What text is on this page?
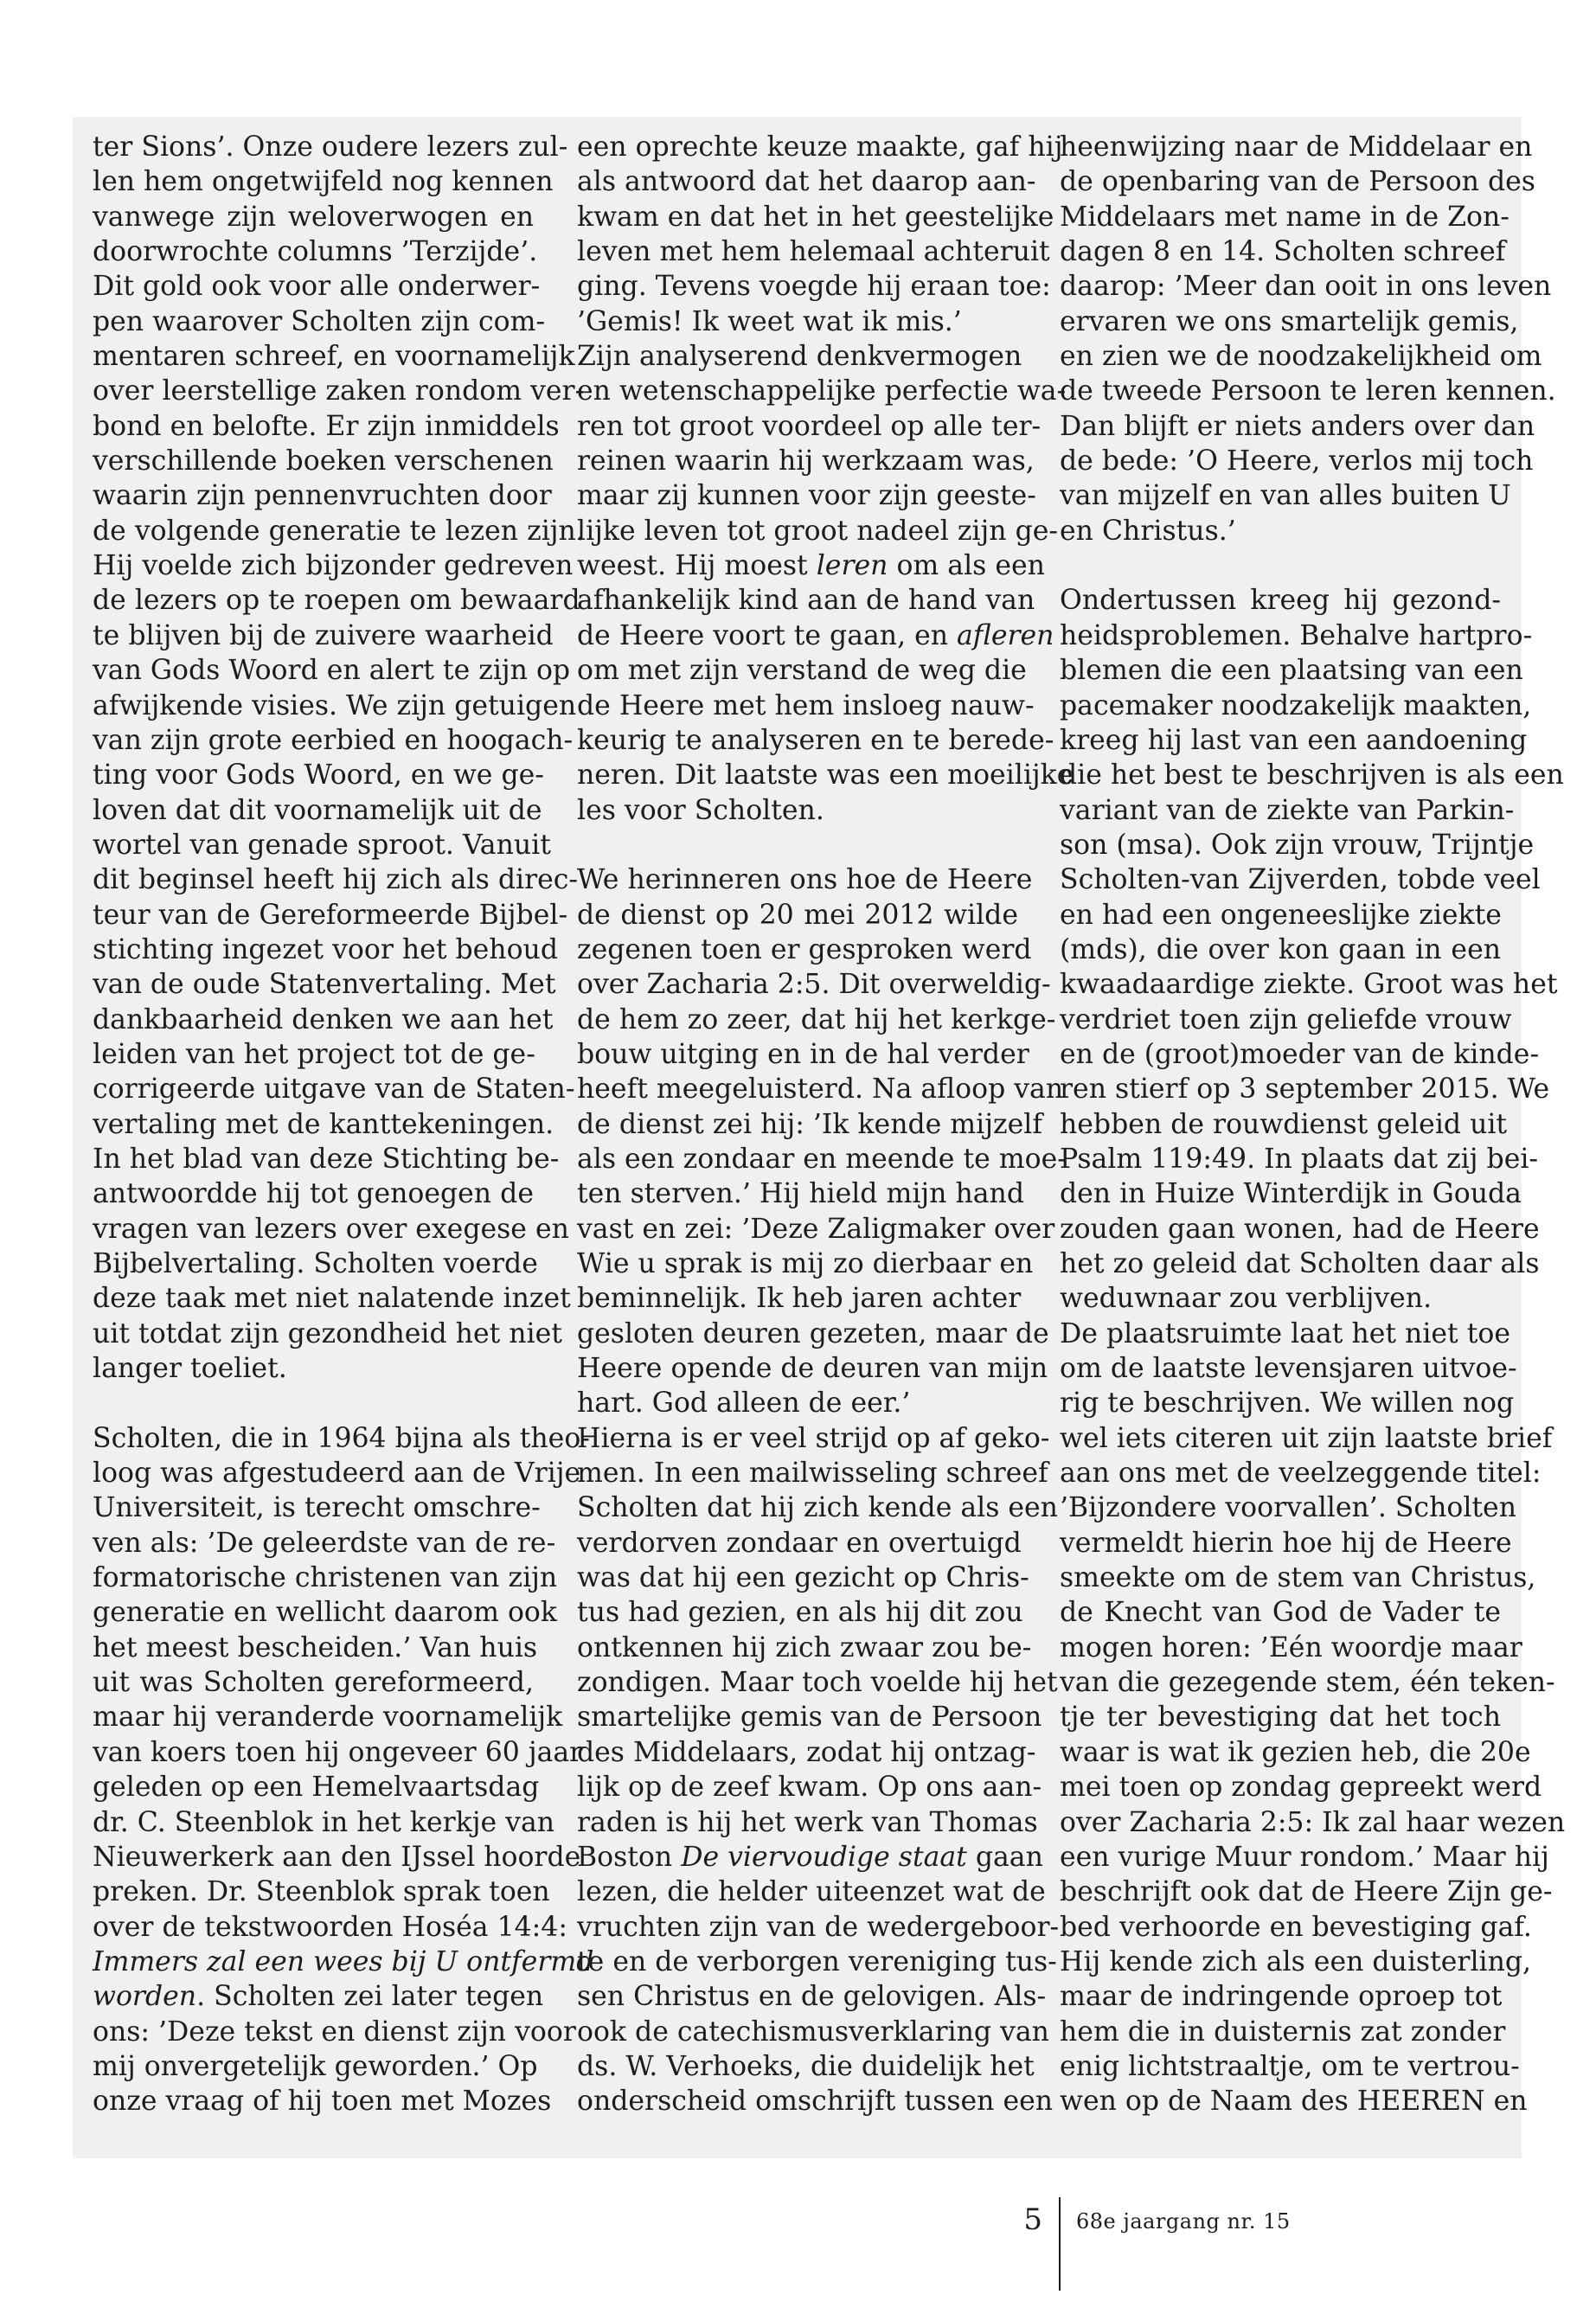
ter Sions’. Onze oudere lezers zul-
len hem ongetwijfeld nog kennen
vanwege zijn weloverwogen en
doorwrochte columns ’Terzijde’.
Dit gold ook voor alle onderwer-
pen waarover Scholten zijn com-
mentaren schreef, en voornamelijk
over leerstellige zaken rondom ver-
bond en belofte. Er zijn inmiddels
verschillende boeken verschenen
waarin zijn pennenvruchten door
de volgende generatie te lezen zijn.
Hij voelde zich bijzonder gedreven
de lezers op te roepen om bewaard
te blijven bij de zuivere waarheid
van Gods Woord en alert te zijn op
afwijkende visies. We zijn getuigen
van zijn grote eerbied en hoogach-
ting voor Gods Woord, en we ge-
loven dat dit voornamelijk uit de
wortel van genade sproot. Vanuit
dit beginsel heeft hij zich als direc-
teur van de Gereformeerde Bijbel-
stichting ingezet voor het behoud
van de oude Statenvertaling. Met
dankbaarheid denken we aan het
leiden van het project tot de ge-
corrigeerde uitgave van de Staten-
vertaling met de kanttekeningen.
In het blad van deze Stichting be-
antwoordde hij tot genoegen de
vragen van lezers over exegese en
Bijbelvertaling. Scholten voerde
deze taak met niet nalatende inzet
uit totdat zijn gezondheid het niet
langer toeliet.
Scholten, die in 1964 bijna als theo-
loog was afgestudeerd aan de Vrije
Universiteit, is terecht omschre-
ven als: ’De geleerdste van de re-
formatorische christenen van zijn
generatie en wellicht daarom ook
het meest bescheiden.’ Van huis
uit was Scholten gereformeerd,
maar hij veranderde voornamelijk
van koers toen hij ongeveer 60 jaar
geleden op een Hemelvaartsdag
dr. C. Steenblok in het kerkje van
Nieuwerkerk aan den IJssel hoorde
preken. Dr. Steenblok sprak toen
over de tekstwoorden Hoséa 14:4:
Immers zal een wees bij U ontfermd
worden. Scholten zei later tegen
ons: ’Deze tekst en dienst zijn voor
mij onvergetelijk geworden.’ Op
onze vraag of hij toen met Mozes
een oprechte keuze maakte, gaf hij
als antwoord dat het daarop aan-
kwam en dat het in het geestelijke
leven met hem helemaal achteruit
ging. Tevens voegde hij eraan toe:
’Gemis! Ik weet wat ik mis.’
Zijn analyserend denkvermogen
en wetenschappelijke perfectie wa-
ren tot groot voordeel op alle ter-
reinen waarin hij werkzaam was,
maar zij kunnen voor zijn geeste-
lijke leven tot groot nadeel zijn ge-
weest. Hij moest leren om als een
afhankelijk kind aan de hand van
de Heere voort te gaan, en afleren
om met zijn verstand de weg die
de Heere met hem insloeg nauw-
keurig te analyseren en te berede-
neren. Dit laatste was een moeilijke
les voor Scholten.
We herinneren ons hoe de Heere
de dienst op 20 mei 2012 wilde
zegenen toen er gesproken werd
over Zacharia 2:5. Dit overweldig-
de hem zo zeer, dat hij het kerkge-
bouw uitging en in de hal verder
heeft meegeluisterd. Na afloop van
de dienst zei hij: ’Ik kende mijzelf
als een zondaar en meende te moe-
ten sterven.’ Hij hield mijn hand
vast en zei: ’Deze Zaligmaker over
Wie u sprak is mij zo dierbaar en
beminnelijk. Ik heb jaren achter
gesloten deuren gezeten, maar de
Heere opende de deuren van mijn
hart. God alleen de eer.’
Hierna is er veel strijd op af geko-
men. In een mailwisseling schreef
Scholten dat hij zich kende als een
verdorven zondaar en overtuigd
was dat hij een gezicht op Chris-
tus had gezien, en als hij dit zou
ontkennen hij zich zwaar zou be-
zondigen. Maar toch voelde hij het
smartelijke gemis van de Persoon
des Middelaars, zodat hij ontzag-
lijk op de zeef kwam. Op ons aan-
raden is hij het werk van Thomas
Boston De viervoudige staat gaan
lezen, die helder uiteenzet wat de
vruchten zijn van de wedergeboor-
te en de verborgen vereniging tus-
sen Christus en de gelovigen. Als-
ook de catechismusverklaring van
ds. W. Verhoeks, die duidelijk het
onderscheid omschrijft tussen een
heenwijzing naar de Middelaar en
de openbaring van de Persoon des
Middelaars met name in de Zon-
dagen 8 en 14. Scholten schreef
daarop: ’Meer dan ooit in ons leven
ervaren we ons smartelijk gemis,
en zien we de noodzakelijkheid om
de tweede Persoon te leren kennen.
Dan blijft er niets anders over dan
de bede: ’O Heere, verlos mij toch
van mijzelf en van alles buiten U
en Christus.’
Ondertussen kreeg hij gezond-
heidsproblemen. Behalve hartpro-
blemen die een plaatsing van een
pacemaker noodzakelijk maakten,
kreeg hij last van een aandoening
die het best te beschrijven is als een
variant van de ziekte van Parkin-
son (msa). Ook zijn vrouw, Trijntje
Scholten-van Zijverden, tobde veel
en had een ongeneeslijke ziekte
(mds), die over kon gaan in een
kwaadaardige ziekte. Groot was het
verdriet toen zijn geliefde vrouw
en de (groot)moeder van de kinde-
ren stierf op 3 september 2015. We
hebben de rouwdienst geleid uit
Psalm 119:49. In plaats dat zij bei-
den in Huize Winterdijk in Gouda
zouden gaan wonen, had de Heere
het zo geleid dat Scholten daar als
weduwnaar zou verblijven.
De plaatsruimte laat het niet toe
om de laatste levensjaren uitvoe-
rig te beschrijven. We willen nog
wel iets citeren uit zijn laatste brief
aan ons met de veelzeggende titel:
’Bijzondere voorvallen’. Scholten
vermeldt hierin hoe hij de Heere
smeekte om de stem van Christus,
de Knecht van God de Vader te
mogen horen: ’Eén woordje maar
van die gezegende stem, één teken-
tje ter bevestiging dat het toch
waar is wat ik gezien heb, die 20e
mei toen op zondag gepreekt werd
over Zacharia 2:5: Ik zal haar wezen
een vurige Muur rondom.’ Maar hij
beschrijft ook dat de Heere Zijn ge-
bed verhoorde en bevestiging gaf.
Hij kende zich als een duisterling,
maar de indringende oproep tot
hem die in duisternis zat zonder
enig lichtstraaltje, om te vertrou-
wen op de Naam des HEEREN en
5 68e jaargang nr. 15
